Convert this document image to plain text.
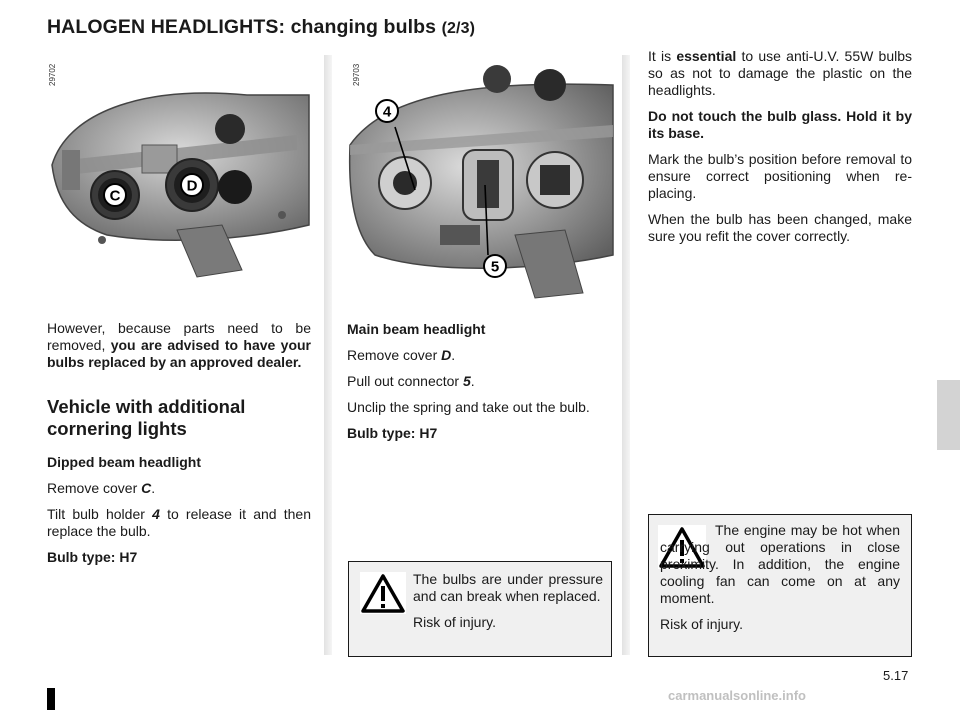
HALOGEN HEADLIGHTS: changing bulbs (2/3)
C
D
29702
4
5
29703

However, because parts need to be removed, you are advised to have your bulbs replaced by an approved dealer.

Vehicle with additional cornering lights

Dipped beam headlight

Remove cover C.

Tilt bulb holder 4 to release it and then replace the bulb.

Bulb type: H7

Main beam headlight

Remove cover D.

Pull out connector 5.

Unclip the spring and take out the bulb.

Bulb type: H7

The bulbs are under pressure and can break when replaced.

Risk of injury.

It is essential to use anti-U.V. 55W bulbs so as not to damage the plastic on the headlights.

Do not touch the bulb glass. Hold it by its base.

Mark the bulb’s position before removal to ensure correct positioning when re-placing.

When the bulb has been changed, make sure you refit the cover correctly.

The engine may be hot when carrying out operations in close proximity. In addition, the engine cooling fan can come on at any moment.

Risk of injury.

5.17
carmanualsonline.info
